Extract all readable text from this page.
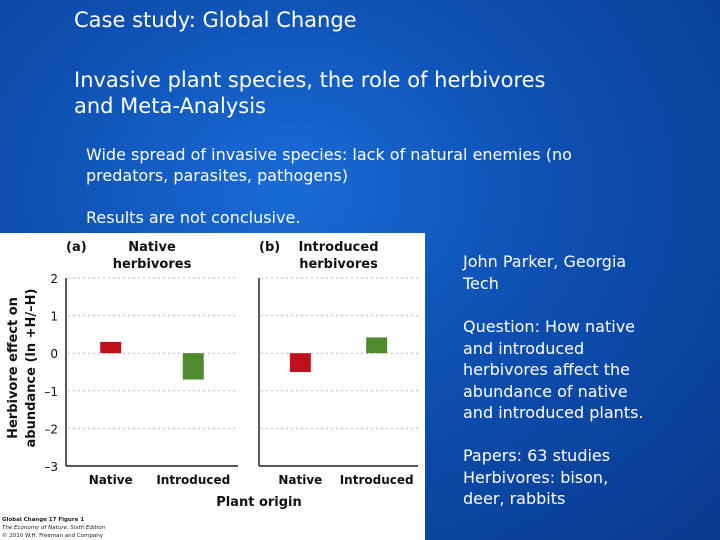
Case study: Global Change
Invasive plant species, the role of herbivores
and Meta-Analysis
Wide spread of invasive species: lack of natural enemies (no
predators, parasites, pathogens)
Results are not conclusive.
John Parker, Georgia
Tech
Question: How native
and introduced
herbivores affect the
abundance of native
and introduced plants.
Papers: 63 studies
Herbivores: bison,
deer, rabbits
Herbivore effect on abundance (ln +H/–H)
Plant origin
2
1
0
–1
–2
–3
(a)	Native
herbivores
Native Introduced
(b) Introduced
herbivores
Native Introduced
Global Change 17 Figure 1
The Economy of Nature, Sixth Edition
© 2010 W.H. Freeman and Company
